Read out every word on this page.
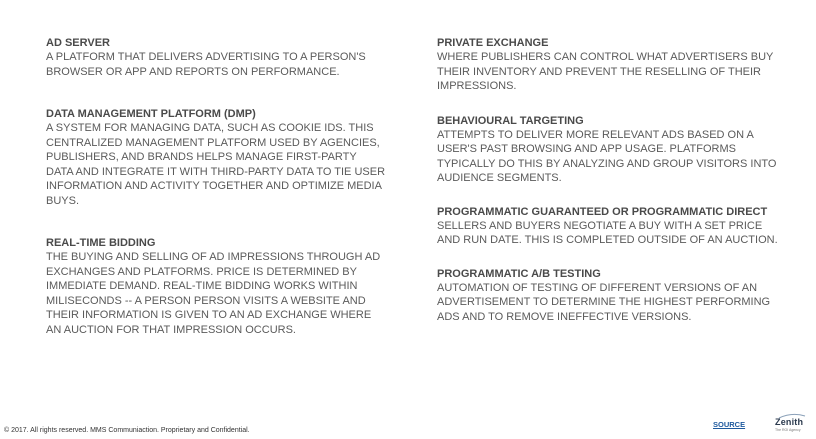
AD SERVER

A PLATFORM THAT DELIVERS ADVERTISING TO A PERSON'S BROWSER OR APP AND REPORTS ON PERFORMANCE.

DATA MANAGEMENT PLATFORM (DMP)

A SYSTEM FOR MANAGING DATA, SUCH AS COOKIE IDS. THIS CENTRALIZED MANAGEMENT PLATFORM USED BY AGENCIES, PUBLISHERS, AND BRANDS HELPS MANAGE FIRST-PARTY DATA AND INTEGRATE IT WITH THIRD-PARTY DATA TO TIE USER INFORMATION AND ACTIVITY TOGETHER AND OPTIMIZE MEDIA BUYS.

REAL-TIME BIDDING

THE BUYING AND SELLING OF AD IMPRESSIONS THROUGH AD EXCHANGES AND PLATFORMS. PRICE IS DETERMINED BY IMMEDIATE DEMAND. REAL-TIME BIDDING WORKS WITHIN MILISECONDS -- A PERSON PERSON VISITS A WEBSITE AND THEIR INFORMATION IS GIVEN TO AN AD EXCHANGE WHERE AN AUCTION FOR THAT IMPRESSION OCCURS.

PRIVATE EXCHANGE

WHERE PUBLISHERS CAN CONTROL WHAT ADVERTISERS BUY THEIR INVENTORY AND PREVENT THE RESELLING OF THEIR IMPRESSIONS.

BEHAVIOURAL TARGETING

ATTEMPTS TO DELIVER MORE RELEVANT ADS BASED ON A USER'S PAST BROWSING AND APP USAGE. PLATFORMS TYPICALLY DO THIS BY ANALYZING AND GROUP VISITORS INTO AUDIENCE SEGMENTS.

PROGRAMMATIC GUARANTEED OR PROGRAMMATIC DIRECT

SELLERS AND BUYERS NEGOTIATE A BUY WITH A SET PRICE AND RUN DATE. THIS IS COMPLETED OUTSIDE OF AN AUCTION.

PROGRAMMATIC A/B TESTING

AUTOMATION OF TESTING OF DIFFERENT VERSIONS OF AN ADVERTISEMENT TO DETERMINE THE HIGHEST PERFORMING ADS AND TO REMOVE INEFFECTIVE VERSIONS.

© 2017. All rights reserved. MMS Communiaction. Proprietary and Confidential.
SOURCE	Zenith
The ROI Agency
